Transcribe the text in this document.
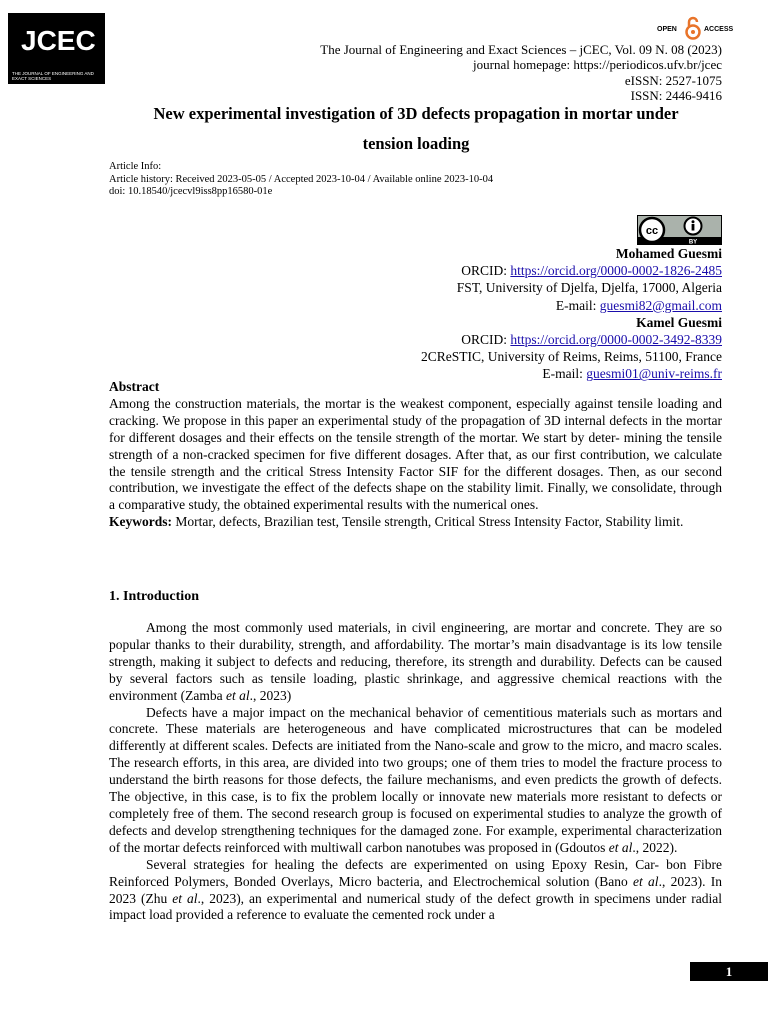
JCEC
THE JOURNAL OF ENGINEERING AND EXACT SCIENCES
OPEN	ACCESS
The Journal of Engineering and Exact Sciences – jCEC, Vol. 09 N. 08 (2023)
journal homepage: https://periodicos.ufv.br/jcec
eISSN: 2527-1075
ISSN: 2446-9416
New experimental investigation of 3D defects propagation in mortar under
tension loading
Article Info:
Article history: Received 2023-05-05 / Accepted 2023-10-04 / Available online 2023-10-04
doi: 10.18540/jcecvl9iss8pp16580-01e
cc
BY
Mohamed Guesmi
ORCID: https://orcid.org/0000-0002-1826-2485
FST, University of Djelfa, Djelfa, 17000, Algeria
E-mail: guesmi82@gmail.com
Kamel Guesmi
ORCID: https://orcid.org/0000-0002-3492-8339
2CReSTIC, University of Reims, Reims, 51100, France
E-mail: guesmi01@univ-reims.fr
Abstract

Among the construction materials, the mortar is the weakest component, especially against tensile loading and cracking. We propose in this paper an experimental study of the propagation of 3D internal defects in the mortar for different dosages and their effects on the tensile strength of the mortar. We start by deter- mining the tensile strength of a non-cracked specimen for five different dosages. After that, as our first contribution, we calculate the tensile strength and the critical Stress Intensity Factor SIF for the different dosages. Then, as our second contribution, we investigate the effect of the defects shape on the stability limit. Finally, we consolidate, through a comparative study, the obtained experimental results with the numerical ones.

Keywords: Mortar, defects, Brazilian test, Tensile strength, Critical Stress Intensity Factor, Stability limit.

1. Introduction

Among the most commonly used materials, in civil engineering, are mortar and concrete. They are so popular thanks to their durability, strength, and affordability. The mortar’s main disadvantage is its low tensile strength, making it subject to defects and reducing, therefore, its strength and durability. Defects can be caused by several factors such as tensile loading, plastic shrinkage, and aggressive chemical reactions with the environment (Zamba et al., 2023)

Defects have a major impact on the mechanical behavior of cementitious materials such as mortars and concrete. These materials are heterogeneous and have complicated microstructures that can be modeled differently at different scales. Defects are initiated from the Nano-scale and grow to the micro, and macro scales. The research efforts, in this area, are divided into two groups; one of them tries to model the fracture process to understand the birth reasons for those defects, the failure mechanisms, and even predicts the growth of defects. The objective, in this case, is to fix the problem locally or innovate new materials more resistant to defects or completely free of them. The second research group is focused on experimental studies to analyze the growth of defects and develop strengthening techniques for the damaged zone. For example, experimental characterization of the mortar defects reinforced with multiwall carbon nanotubes was proposed in (Gdoutos et al., 2022).

Several strategies for healing the defects are experimented on using Epoxy Resin, Car- bon Fibre Reinforced Polymers, Bonded Overlays, Micro bacteria, and Electrochemical solution (Bano et al., 2023). In 2023 (Zhu et al., 2023), an experimental and numerical study of the defect growth in specimens under radial impact load provided a reference to evaluate the cemented rock under a

1
